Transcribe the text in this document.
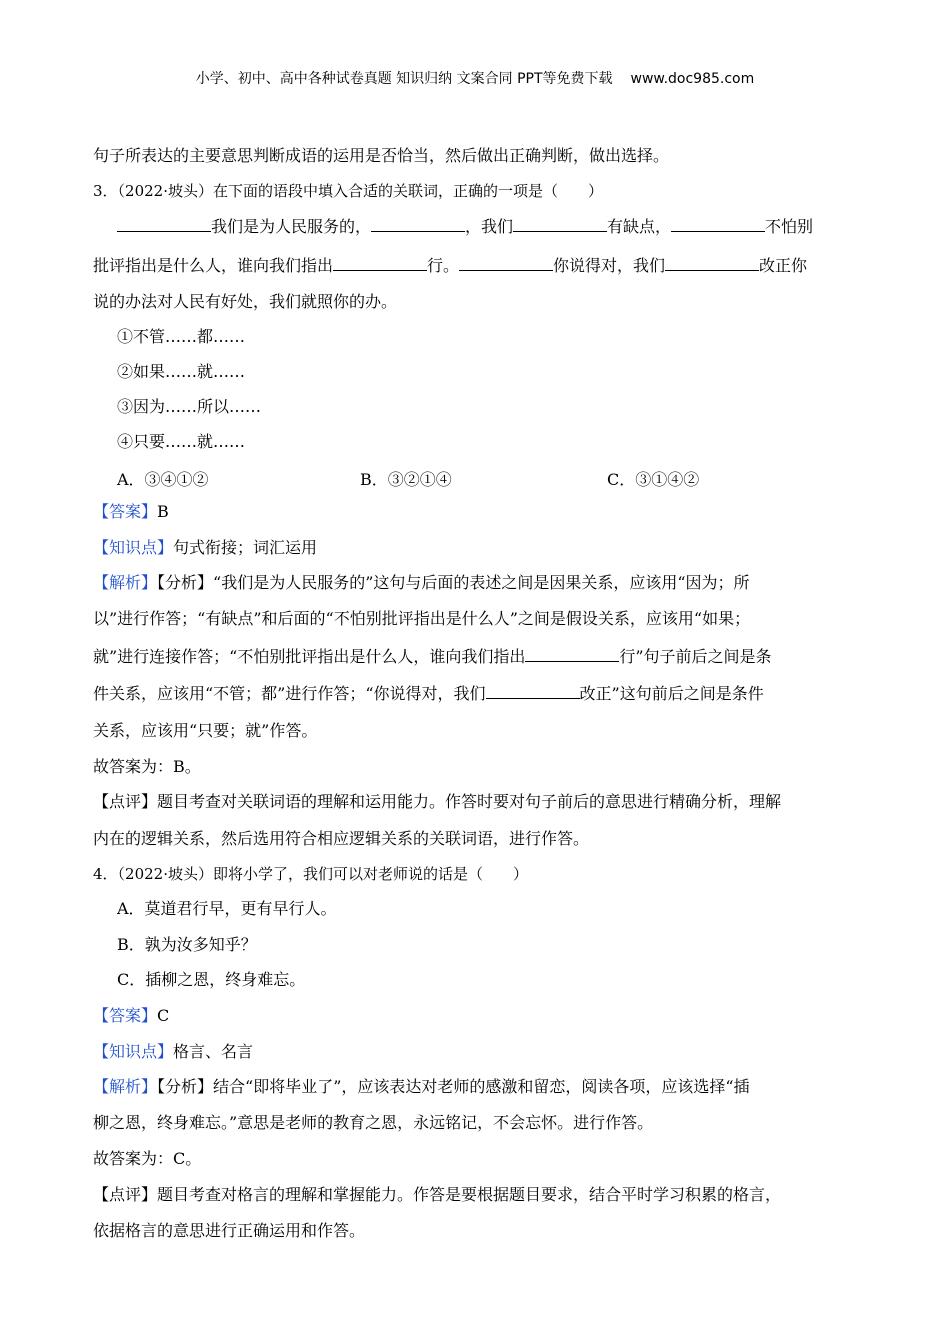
小学、初中、高中各种试卷真题 知识归纳 文案合同 PPT等免费下载 www.doc985.com
句子所表达的主要意思判断成语的运用是否恰当，然后做出正确判断，做出选择。
3．（2022·坡头）在下面的语段中填入合适的关联词，正确的一项是（　　）
我们是为人民服务的，	，我们	有缺点，	不怕别
批评指出是什么人，谁向我们指出	行。	你说得对，我们	改正你
说的办法对人民有好处，我们就照你的办。
①不管……都……
②如果……就……
③因为……所以……
④只要……就……
A．③④①②	B．③②①④	C．③①④②
【答案】B
【知识点】句式衔接；词汇运用
【解析】【分析】“我们是为人民服务的”这句与后面的表述之间是因果关系，应该用“因为；所
以”进行作答；“有缺点”和后面的“不怕别批评指出是什么人”之间是假设关系，应该用“如果；
就”进行连接作答；“不怕别批评指出是什么人，谁向我们指出	行”句子前后之间是条
件关系，应该用“不管；都”进行作答；“你说得对，我们	改正”这句前后之间是条件
关系，应该用“只要；就”作答。
故答案为：B。
【点评】题目考查对关联词语的理解和运用能力。作答时要对句子前后的意思进行精确分析，理解
内在的逻辑关系，然后选用符合相应逻辑关系的关联词语，进行作答。
4．（2022·坡头）即将小学了，我们可以对老师说的话是（　　）
A．莫道君行早，更有早行人。
B．孰为汝多知乎？
C．插柳之恩，终身难忘。
【答案】C
【知识点】格言、名言
【解析】【分析】结合“即将毕业了”，应该表达对老师的感激和留恋，阅读各项，应该选择“插
柳之恩，终身难忘。”意思是老师的教育之恩，永远铭记，不会忘怀。进行作答。
故答案为：C。
【点评】题目考查对格言的理解和掌握能力。作答是要根据题目要求，结合平时学习积累的格言，
依据格言的意思进行正确运用和作答。
